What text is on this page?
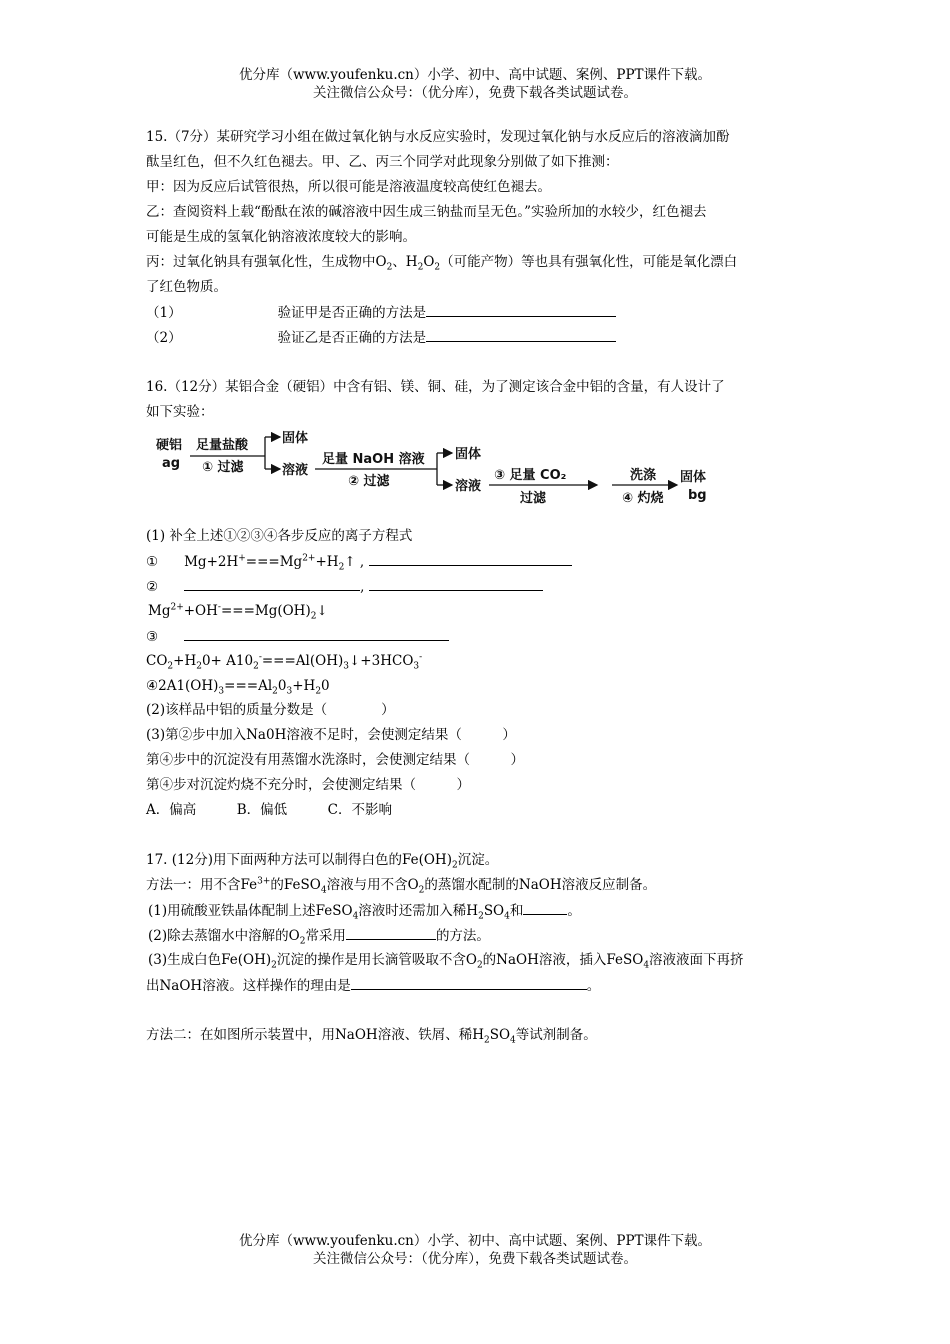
优分库（www.youfenku.cn）小学、初中、高中试题、案例、PPT课件下载。
关注微信公众号：（优分库），免费下载各类试题试卷。
15.（7分）某研究学习小组在做过氧化钠与水反应实验时，发现过氧化钠与水反应后的溶液滴加酚
酞呈红色，但不久红色褪去。甲、乙、丙三个同学对此现象分别做了如下推测：
甲：因为反应后试管很热，所以很可能是溶液温度较高使红色褪去。
乙：查阅资料上载“酚酞在浓的碱溶液中因生成三钠盐而呈无色。”实验所加的水较少，红色褪去
可能是生成的氢氧化钠溶液浓度较大的影响。
丙：过氧化钠具有强氧化性，生成物中$O_2$、$H_2O_2$（可能产物）等也具有强氧化性，可能是氧化漂白
了红色物质。
（1）	验证甲是否正确的方法是
（2）	验证乙是否正确的方法是
16.（12分）某铝合金（硬铝）中含有铝、镁、铜、硅，为了测定该合金中铝的含量，有人设计了
如下实验：
硬铝
ag
足量盐酸
① 过滤
固体
溶液
足量 NaOH 溶液
② 过滤
固体
溶液
③ 足量 CO₂
过滤
洗涤
④ 灼烧
固体
bg
(1) 补全上述①②③④各步反应的离子方程式
① $Mg+2H^+===Mg^{2+}+H_2↑$ ,
②	,
$Mg^{2+}+OH^-===Mg(OH)_2↓$
③
$CO_2+H_20+$ $A10_2^-===Al(OH)_3↓+3HCO_3^-$
$④2A1(OH)_3===Al_20_3+H_20$
(2)该样品中铝的质量分数是（　　　　）
(3)第②步中加入Na0H溶液不足时，会使测定结果（　　　）
第④步中的沉淀没有用蒸馏水洗涤时，会使测定结果（　　　）
第④步对沉淀灼烧不充分时，会使测定结果（　　　）
A．偏高　　　B．偏低　　　C．不影响
17. (12分)用下面两种方法可以制得白色的$Fe(OH)_2$沉淀。
方法一：用不含$Fe^{3+}$的FeSO$_4$溶液与用不含$O_2$的蒸馏水配制的NaOH溶液反应制备。
(1)用硫酸亚铁晶体配制上述FeSO$_4$溶液时还需加入稀$H_2SO_4$和	。
(2)除去蒸馏水中溶解的$O_2$常采用	的方法。
(3)生成白色$Fe(OH)_2$沉淀的操作是用长滴管吸取不含$O_2$的NaOH溶液，插入FeSO$_4$溶液液面下再挤
出NaOH溶液。这样操作的理由是	。
方法二：在如图所示装置中，用NaOH溶液、铁屑、稀$H_2SO_4$等试剂制备。
优分库（www.youfenku.cn）小学、初中、高中试题、案例、PPT课件下载。
关注微信公众号：（优分库），免费下载各类试题试卷。
